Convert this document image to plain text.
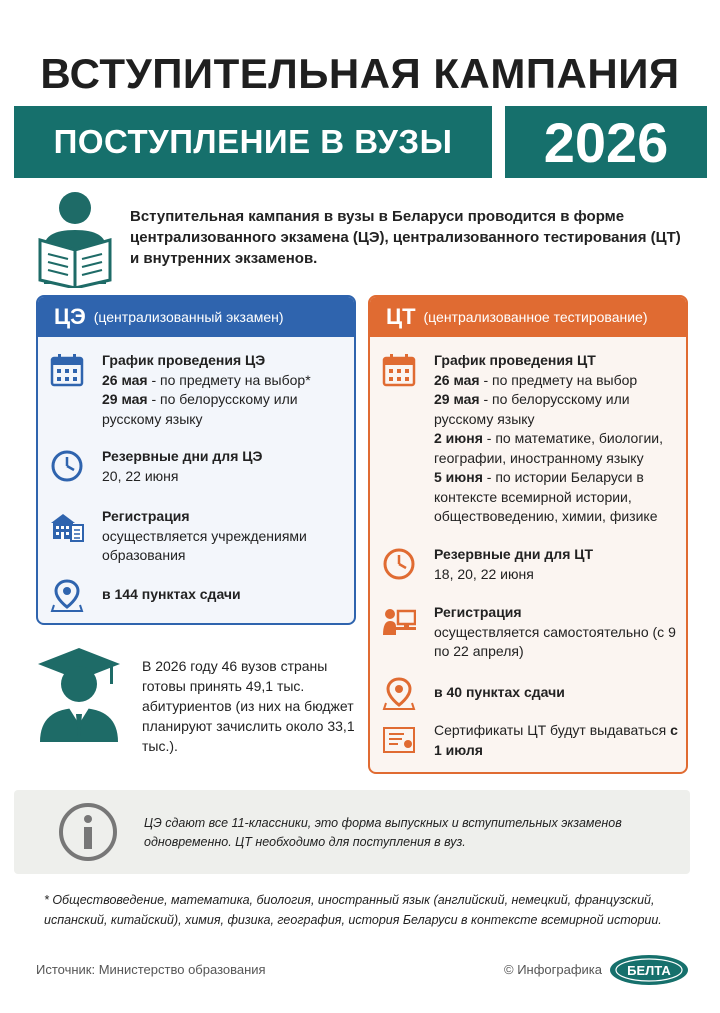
ВСТУПИТЕЛЬНАЯ КАМПАНИЯ
ПОСТУПЛЕНИЕ В ВУЗЫ	2026
Вступительная кампания в вузы в Беларуси проводится в форме централизованного экзамена (ЦЭ), централизованного тестирования (ЦТ) и внутренних экзаменов.
ЦЭ (централизованный экзамен)
График проведения ЦЭ
26 мая - по предмету на выбор*
29 мая - по белорусскому или русскому языку
Резервные дни для ЦЭ
20, 22 июня
Регистрация
осуществляется учреждениями образования
в 144 пунктах сдачи
ЦТ (централизованное тестирование)
График проведения ЦТ
26 мая - по предмету на выбор
29 мая - по белорусскому или русскому языку
2 июня - по математике, биологии, географии, иностранному языку
5 июня - по истории Беларуси в контексте всемирной истории, обществоведению, химии, физике
Резервные дни для ЦТ
18, 20, 22 июня
Регистрация
осуществляется самостоятельно (с 9 по 22 апреля)
в 40 пунктах сдачи
Сертификаты ЦТ будут выдаваться с 1 июля
В 2026 году 46 вузов страны готовы принять 49,1 тыс. абитуриентов (из них на бюджет планируют зачислить около 33,1 тыс.).
ЦЭ сдают все 11-классники, это форма выпускных и вступительных экзаменов одновременно. ЦТ необходимо для поступления в вуз.
* Обществоведение, математика, биология, иностранный язык (английский, немецкий, французский, испанский, китайский), химия, физика, география, история Беларуси в контексте всемирной истории.
Источник: Министерство образования	© Инфографика БЕЛТА
